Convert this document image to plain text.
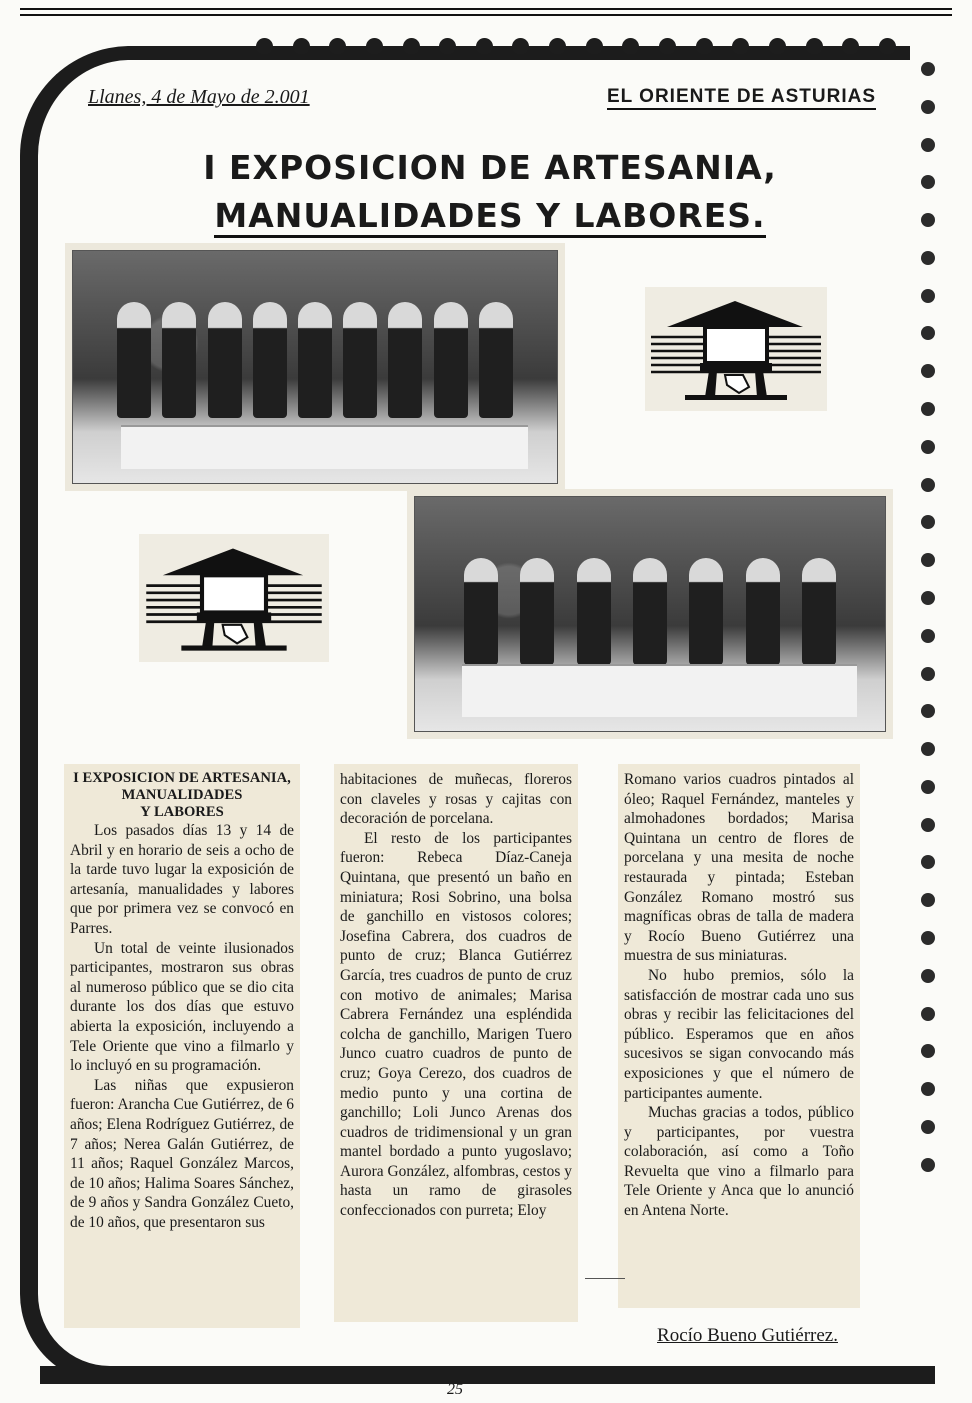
Llanes, 4 de Mayo de 2.001	EL ORIENTE DE ASTURIAS
I EXPOSICION DE ARTESANIA,
MANUALIDADES Y LABORES.

I EXPOSICION DE ARTESANIA,

MANUALIDADES

Y LABORES

Los pasados días 13 y 14 de Abril y en horario de seis a ocho de la tarde tuvo lugar la exposición de artesanía, manualidades y labores que por primera vez se convocó en Parres.

Un total de veinte ilusionados participantes, mostraron sus obras al numeroso público que se dio cita durante los dos días que estuvo abierta la exposición, incluyendo a Tele Oriente que vino a filmarlo y lo incluyó en su programación.

Las niñas que expusieron fueron: Arancha Cue Gutiérrez, de 6 años; Elena Rodríguez Gutiérrez, de 7 años; Nerea Galán Gutiérrez, de 11 años; Raquel González Marcos, de 10 años; Halima Soares Sánchez, de 9 años y Sandra González Cueto, de 10 años, que presentaron sus

habitaciones de muñecas, floreros con claveles y rosas y cajitas con decoración de porcelana.

El resto de los participantes fueron: Rebeca Díaz-Caneja Quintana, que presentó un baño en miniatura; Rosi Sobrino, una bolsa de ganchillo en vistosos colores; Josefina Cabrera, dos cuadros de punto de cruz; Blanca Gutiérrez García, tres cuadros de punto de cruz con motivo de animales; Marisa Cabrera Fernández una espléndida colcha de ganchillo, Marigen Tuero Junco cuatro cuadros de punto de cruz; Goya Cerezo, dos cuadros de medio punto y una cortina de ganchillo; Loli Junco Arenas dos cuadros de tridimensional y un gran mantel bordado a punto yugoslavo; Aurora González, alfombras, cestos y hasta un ramo de girasoles confeccionados con purreta; Eloy

Romano varios cuadros pintados al óleo; Raquel Fernández, manteles y almohadones bordados; Marisa Quintana un centro de flores de porcelana y una mesita de noche restaurada y pintada; Esteban González Romano mostró sus magníficas obras de talla de madera y Rocío Bueno Gutiérrez una muestra de sus miniaturas.

No hubo premios, sólo la satisfacción de mostrar cada uno sus obras y recibir las felicitaciones del público. Esperamos que en años sucesivos se sigan convocando más exposiciones y que el número de participantes aumente.

Muchas gracias a todos, público y participantes, por vuestra colaboración, así como a Toño Revuelta que vino a filmarlo para Tele Oriente y Anca que lo anunció en Antena Norte.

Rocío Bueno Gutiérrez.
25
